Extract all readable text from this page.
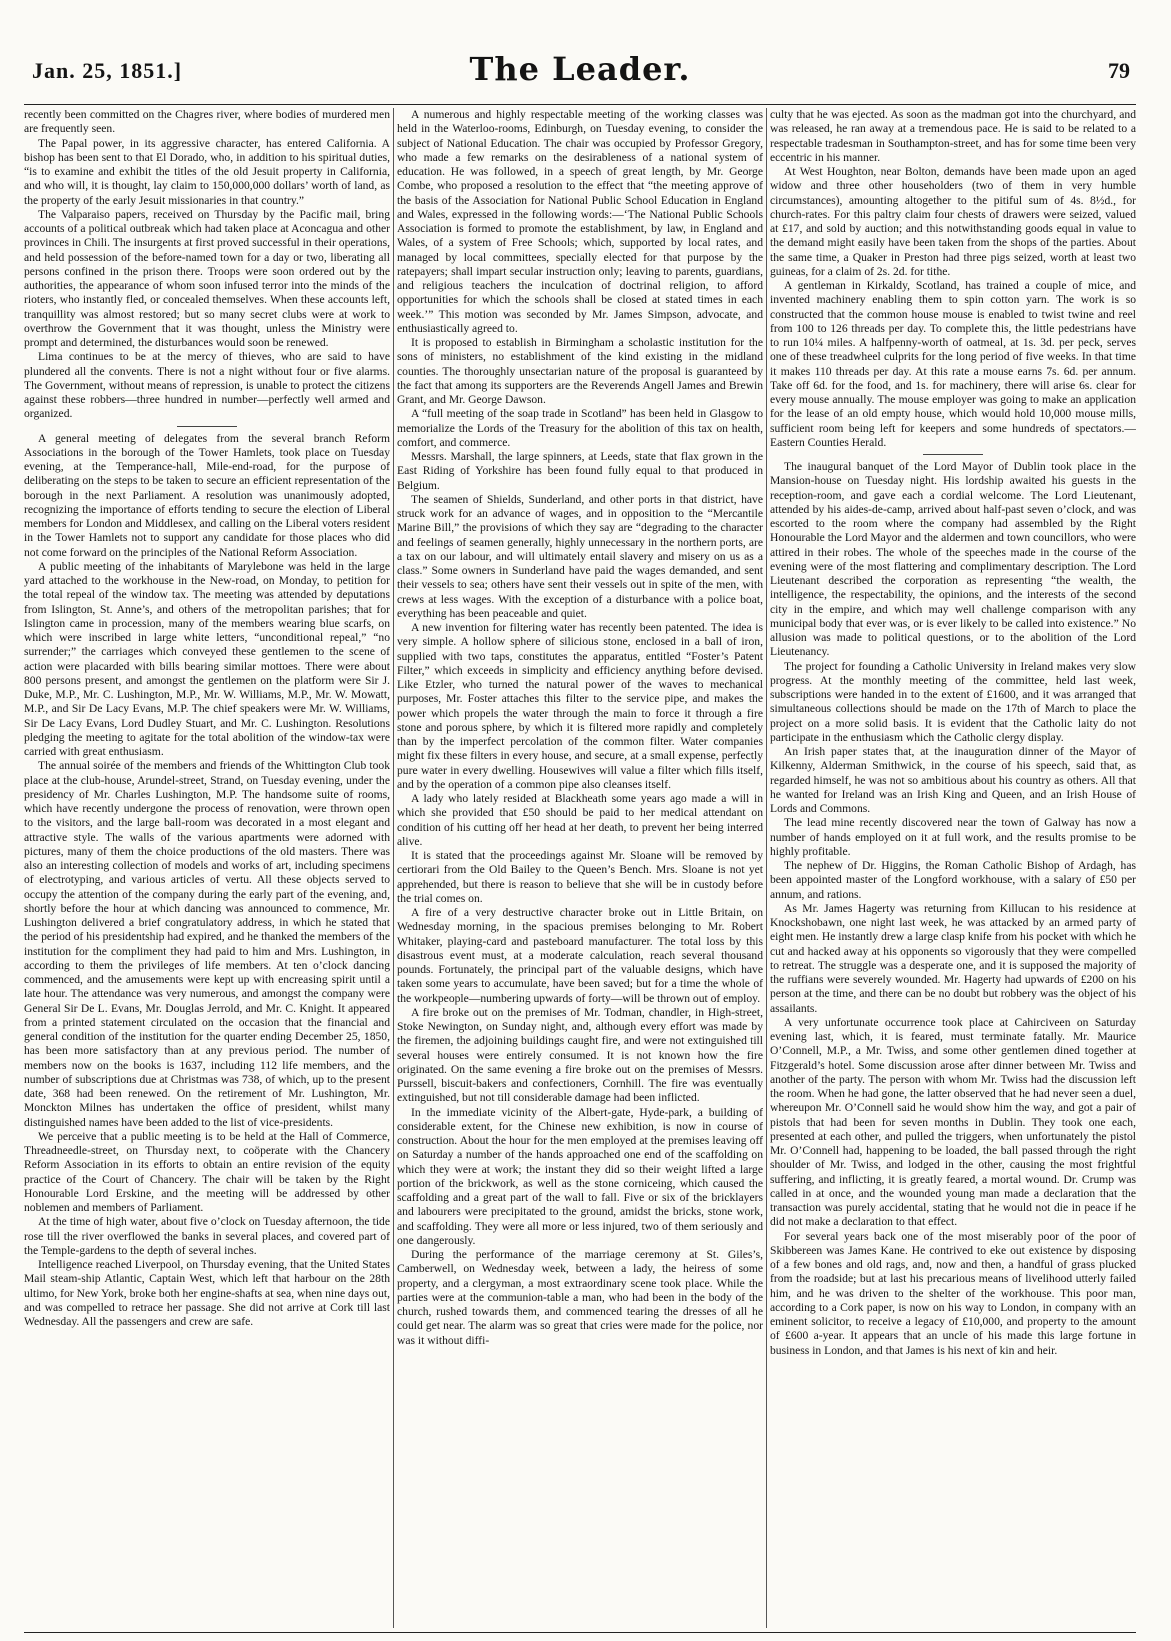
Jan. 25, 1851.]	The Leader.	79

recently been committed on the Chagres river, where bodies of murdered men are frequently seen.

The Papal power, in its aggressive character, has entered California. A bishop has been sent to that El Dorado, who, in addition to his spiritual duties, “is to examine and exhibit the titles of the old Jesuit property in California, and who will, it is thought, lay claim to 150,000,000 dollars’ worth of land, as the property of the early Jesuit missionaries in that country.”

The Valparaiso papers, received on Thursday by the Pacific mail, bring accounts of a political outbreak which had taken place at Aconcagua and other provinces in Chili. The insurgents at first proved successful in their operations, and held possession of the before-named town for a day or two, liberating all persons confined in the prison there. Troops were soon ordered out by the authorities, the appearance of whom soon infused terror into the minds of the rioters, who instantly fled, or concealed themselves. When these accounts left, tranquillity was almost restored; but so many secret clubs were at work to overthrow the Government that it was thought, unless the Ministry were prompt and determined, the disturbances would soon be renewed.

Lima continues to be at the mercy of thieves, who are said to have plundered all the convents. There is not a night without four or five alarms. The Government, without means of repression, is unable to protect the citizens against these robbers—three hundred in number—perfectly well armed and organized.

A general meeting of delegates from the several branch Reform Associations in the borough of the Tower Hamlets, took place on Tuesday evening, at the Temperance-hall, Mile-end-road, for the purpose of deliberating on the steps to be taken to secure an efficient representation of the borough in the next Parliament. A resolution was unanimously adopted, recognizing the importance of efforts tending to secure the election of Liberal members for London and Middlesex, and calling on the Liberal voters resident in the Tower Hamlets not to support any candidate for those places who did not come forward on the principles of the National Reform Association.

A public meeting of the inhabitants of Marylebone was held in the large yard attached to the workhouse in the New-road, on Monday, to petition for the total repeal of the window tax. The meeting was attended by deputations from Islington, St. Anne’s, and others of the metropolitan parishes; that for Islington came in procession, many of the members wearing blue scarfs, on which were inscribed in large white letters, “unconditional repeal,” “no surrender;” the carriages which conveyed these gentlemen to the scene of action were placarded with bills bearing similar mottoes. There were about 800 persons present, and amongst the gentlemen on the platform were Sir J. Duke, M.P., Mr. C. Lushington, M.P., Mr. W. Williams, M.P., Mr. W. Mowatt, M.P., and Sir De Lacy Evans, M.P. The chief speakers were Mr. W. Williams, Sir De Lacy Evans, Lord Dudley Stuart, and Mr. C. Lushington. Resolutions pledging the meeting to agitate for the total abolition of the window-tax were carried with great enthusiasm.

The annual soirée of the members and friends of the Whittington Club took place at the club-house, Arundel-street, Strand, on Tuesday evening, under the presidency of Mr. Charles Lushington, M.P. The handsome suite of rooms, which have recently undergone the process of renovation, were thrown open to the visitors, and the large ball-room was decorated in a most elegant and attractive style. The walls of the various apartments were adorned with pictures, many of them the choice productions of the old masters. There was also an interesting collection of models and works of art, including specimens of electrotyping, and various articles of vertu. All these objects served to occupy the attention of the company during the early part of the evening, and, shortly before the hour at which dancing was announced to commence, Mr. Lushington delivered a brief congratulatory address, in which he stated that the period of his presidentship had expired, and he thanked the members of the institution for the compliment they had paid to him and Mrs. Lushington, in according to them the privileges of life members. At ten o’clock dancing commenced, and the amusements were kept up with encreasing spirit until a late hour. The attendance was very numerous, and amongst the company were General Sir De L. Evans, Mr. Douglas Jerrold, and Mr. C. Knight. It appeared from a printed statement circulated on the occasion that the financial and general condition of the institution for the quarter ending December 25, 1850, has been more satisfactory than at any previous period. The number of members now on the books is 1637, including 112 life members, and the number of subscriptions due at Christmas was 738, of which, up to the present date, 368 had been renewed. On the retirement of Mr. Lushington, Mr. Monckton Milnes has undertaken the office of president, whilst many distinguished names have been added to the list of vice-presidents.

We perceive that a public meeting is to be held at the Hall of Commerce, Threadneedle-street, on Thursday next, to coöperate with the Chancery Reform Association in its efforts to obtain an entire revision of the equity practice of the Court of Chancery. The chair will be taken by the Right Honourable Lord Erskine, and the meeting will be addressed by other noblemen and members of Parliament.

At the time of high water, about five o’clock on Tuesday afternoon, the tide rose till the river overflowed the banks in several places, and covered part of the Temple-gardens to the depth of several inches.

Intelligence reached Liverpool, on Thursday evening, that the United States Mail steam-ship Atlantic, Captain West, which left that harbour on the 28th ultimo, for New York, broke both her engine-shafts at sea, when nine days out, and was compelled to retrace her passage. She did not arrive at Cork till last Wednesday. All the passengers and crew are safe.

A numerous and highly respectable meeting of the working classes was held in the Waterloo-rooms, Edinburgh, on Tuesday evening, to consider the subject of National Education. The chair was occupied by Professor Gregory, who made a few remarks on the desirableness of a national system of education. He was followed, in a speech of great length, by Mr. George Combe, who proposed a resolution to the effect that “the meeting approve of the basis of the Association for National Public School Education in England and Wales, expressed in the following words:—‘The National Public Schools Association is formed to promote the establishment, by law, in England and Wales, of a system of Free Schools; which, supported by local rates, and managed by local committees, specially elected for that purpose by the ratepayers; shall impart secular instruction only; leaving to parents, guardians, and religious teachers the inculcation of doctrinal religion, to afford opportunities for which the schools shall be closed at stated times in each week.’” This motion was seconded by Mr. James Simpson, advocate, and enthusiastically agreed to.

It is proposed to establish in Birmingham a scholastic institution for the sons of ministers, no establishment of the kind existing in the midland counties. The thoroughly unsectarian nature of the proposal is guaranteed by the fact that among its supporters are the Reverends Angell James and Brewin Grant, and Mr. George Dawson.

A “full meeting of the soap trade in Scotland” has been held in Glasgow to memorialize the Lords of the Treasury for the abolition of this tax on health, comfort, and commerce.

Messrs. Marshall, the large spinners, at Leeds, state that flax grown in the East Riding of Yorkshire has been found fully equal to that produced in Belgium.

The seamen of Shields, Sunderland, and other ports in that district, have struck work for an advance of wages, and in opposition to the “Mercantile Marine Bill,” the provisions of which they say are “degrading to the character and feelings of seamen generally, highly unnecessary in the northern ports, are a tax on our labour, and will ultimately entail slavery and misery on us as a class.” Some owners in Sunderland have paid the wages demanded, and sent their vessels to sea; others have sent their vessels out in spite of the men, with crews at less wages. With the exception of a disturbance with a police boat, everything has been peaceable and quiet.

A new invention for filtering water has recently been patented. The idea is very simple. A hollow sphere of silicious stone, enclosed in a ball of iron, supplied with two taps, constitutes the apparatus, entitled “Foster’s Patent Filter,” which exceeds in simplicity and efficiency anything before devised. Like Etzler, who turned the natural power of the waves to mechanical purposes, Mr. Foster attaches this filter to the service pipe, and makes the power which propels the water through the main to force it through a fire stone and porous sphere, by which it is filtered more rapidly and completely than by the imperfect percolation of the common filter. Water companies might fix these filters in every house, and secure, at a small expense, perfectly pure water in every dwelling. Housewives will value a filter which fills itself, and by the operation of a common pipe also cleanses itself.

A lady who lately resided at Blackheath some years ago made a will in which she provided that £50 should be paid to her medical attendant on condition of his cutting off her head at her death, to prevent her being interred alive.

It is stated that the proceedings against Mr. Sloane will be removed by certiorari from the Old Bailey to the Queen’s Bench. Mrs. Sloane is not yet apprehended, but there is reason to believe that she will be in custody before the trial comes on.

A fire of a very destructive character broke out in Little Britain, on Wednesday morning, in the spacious premises belonging to Mr. Robert Whitaker, playing-card and pasteboard manufacturer. The total loss by this disastrous event must, at a moderate calculation, reach several thousand pounds. Fortunately, the principal part of the valuable designs, which have taken some years to accumulate, have been saved; but for a time the whole of the workpeople—numbering upwards of forty—will be thrown out of employ.

A fire broke out on the premises of Mr. Todman, chandler, in High-street, Stoke Newington, on Sunday night, and, although every effort was made by the firemen, the adjoining buildings caught fire, and were not extinguished till several houses were entirely consumed. It is not known how the fire originated. On the same evening a fire broke out on the premises of Messrs. Purssell, biscuit-bakers and confectioners, Cornhill. The fire was eventually extinguished, but not till considerable damage had been inflicted.

In the immediate vicinity of the Albert-gate, Hyde-park, a building of considerable extent, for the Chinese new exhibition, is now in course of construction. About the hour for the men employed at the premises leaving off on Saturday a number of the hands approached one end of the scaffolding on which they were at work; the instant they did so their weight lifted a large portion of the brickwork, as well as the stone corniceing, which caused the scaffolding and a great part of the wall to fall. Five or six of the bricklayers and labourers were precipitated to the ground, amidst the bricks, stone work, and scaffolding. They were all more or less injured, two of them seriously and one dangerously.

During the performance of the marriage ceremony at St. Giles’s, Camberwell, on Wednesday week, between a lady, the heiress of some property, and a clergyman, a most extraordinary scene took place. While the parties were at the communion-table a man, who had been in the body of the church, rushed towards them, and commenced tearing the dresses of all he could get near. The alarm was so great that cries were made for the police, nor was it without diffi-

culty that he was ejected. As soon as the madman got into the churchyard, and was released, he ran away at a tremendous pace. He is said to be related to a respectable tradesman in Southampton-street, and has for some time been very eccentric in his manner.

At West Houghton, near Bolton, demands have been made upon an aged widow and three other householders (two of them in very humble circumstances), amounting altogether to the pitiful sum of 4s. 8½d., for church-rates. For this paltry claim four chests of drawers were seized, valued at £17, and sold by auction; and this notwithstanding goods equal in value to the demand might easily have been taken from the shops of the parties. About the same time, a Quaker in Preston had three pigs seized, worth at least two guineas, for a claim of 2s. 2d. for tithe.

A gentleman in Kirkaldy, Scotland, has trained a couple of mice, and invented machinery enabling them to spin cotton yarn. The work is so constructed that the common house mouse is enabled to twist twine and reel from 100 to 126 threads per day. To complete this, the little pedestrians have to run 10¼ miles. A halfpenny-worth of oatmeal, at 1s. 3d. per peck, serves one of these treadwheel culprits for the long period of five weeks. In that time it makes 110 threads per day. At this rate a mouse earns 7s. 6d. per annum. Take off 6d. for the food, and 1s. for machinery, there will arise 6s. clear for every mouse annually. The mouse employer was going to make an application for the lease of an old empty house, which would hold 10,000 mouse mills, sufficient room being left for keepers and some hundreds of spectators.—Eastern Counties Herald.

The inaugural banquet of the Lord Mayor of Dublin took place in the Mansion-house on Tuesday night. His lordship awaited his guests in the reception-room, and gave each a cordial welcome. The Lord Lieutenant, attended by his aides-de-camp, arrived about half-past seven o’clock, and was escorted to the room where the company had assembled by the Right Honourable the Lord Mayor and the aldermen and town councillors, who were attired in their robes. The whole of the speeches made in the course of the evening were of the most flattering and complimentary description. The Lord Lieutenant described the corporation as representing “the wealth, the intelligence, the respectability, the opinions, and the interests of the second city in the empire, and which may well challenge comparison with any municipal body that ever was, or is ever likely to be called into existence.” No allusion was made to political questions, or to the abolition of the Lord Lieutenancy.

The project for founding a Catholic University in Ireland makes very slow progress. At the monthly meeting of the committee, held last week, subscriptions were handed in to the extent of £1600, and it was arranged that simultaneous collections should be made on the 17th of March to place the project on a more solid basis. It is evident that the Catholic laity do not participate in the enthusiasm which the Catholic clergy display.

An Irish paper states that, at the inauguration dinner of the Mayor of Kilkenny, Alderman Smithwick, in the course of his speech, said that, as regarded himself, he was not so ambitious about his country as others. All that he wanted for Ireland was an Irish King and Queen, and an Irish House of Lords and Commons.

The lead mine recently discovered near the town of Galway has now a number of hands employed on it at full work, and the results promise to be highly profitable.

The nephew of Dr. Higgins, the Roman Catholic Bishop of Ardagh, has been appointed master of the Longford workhouse, with a salary of £50 per annum, and rations.

As Mr. James Hagerty was returning from Killucan to his residence at Knockshobawn, one night last week, he was attacked by an armed party of eight men. He instantly drew a large clasp knife from his pocket with which he cut and hacked away at his opponents so vigorously that they were compelled to retreat. The struggle was a desperate one, and it is supposed the majority of the ruffians were severely wounded. Mr. Hagerty had upwards of £200 on his person at the time, and there can be no doubt but robbery was the object of his assailants.

A very unfortunate occurrence took place at Cahirciveen on Saturday evening last, which, it is feared, must terminate fatally. Mr. Maurice O’Connell, M.P., a Mr. Twiss, and some other gentlemen dined together at Fitzgerald’s hotel. Some discussion arose after dinner between Mr. Twiss and another of the party. The person with whom Mr. Twiss had the discussion left the room. When he had gone, the latter observed that he had never seen a duel, whereupon Mr. O’Connell said he would show him the way, and got a pair of pistols that had been for seven months in Dublin. They took one each, presented at each other, and pulled the triggers, when unfortunately the pistol Mr. O’Connell had, happening to be loaded, the ball passed through the right shoulder of Mr. Twiss, and lodged in the other, causing the most frightful suffering, and inflicting, it is greatly feared, a mortal wound. Dr. Crump was called in at once, and the wounded young man made a declaration that the transaction was purely accidental, stating that he would not die in peace if he did not make a declaration to that effect.

For several years back one of the most miserably poor of the poor of Skibbereen was James Kane. He contrived to eke out existence by disposing of a few bones and old rags, and, now and then, a handful of grass plucked from the roadside; but at last his precarious means of livelihood utterly failed him, and he was driven to the shelter of the workhouse. This poor man, according to a Cork paper, is now on his way to London, in company with an eminent solicitor, to receive a legacy of £10,000, and property to the amount of £600 a-year. It appears that an uncle of his made this large fortune in business in London, and that James is his next of kin and heir.
